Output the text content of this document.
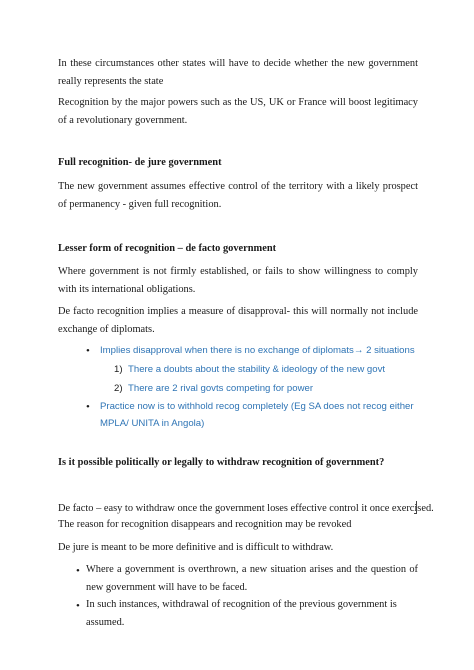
In these circumstances other states will have to decide whether the new government really represents the state

Recognition by the major powers such as the US, UK or France will boost legitimacy of a revolutionary government.

Full recognition- de jure government

The new government assumes effective control of the territory with a likely prospect of permanency - given full recognition.

Lesser form of recognition – de facto government

Where government is not firmly established, or fails to show willingness to comply with its international obligations.

De facto recognition implies a measure of disapproval- this will normally not include exchange of diplomats.

• Implies disapproval when there is no exchange of diplomats→ 2 situations

1) There a doubts about the stability & ideology of the new govt

2) There are 2 rival govts competing for power

• Practice now is to withhold recog completely (Eg SA does not recog either MPLA/ UNITA in Angola)

Is it possible politically or legally to withdraw recognition of government?

De facto – easy to withdraw once the government loses effective control it once exercised.

The reason for recognition disappears and recognition may be revoked

De jure is meant to be more definitive and is difficult to withdraw.

• Where a government is overthrown, a new situation arises and the question of new government will have to be faced.

• In such instances, withdrawal of recognition of the previous government is assumed.
